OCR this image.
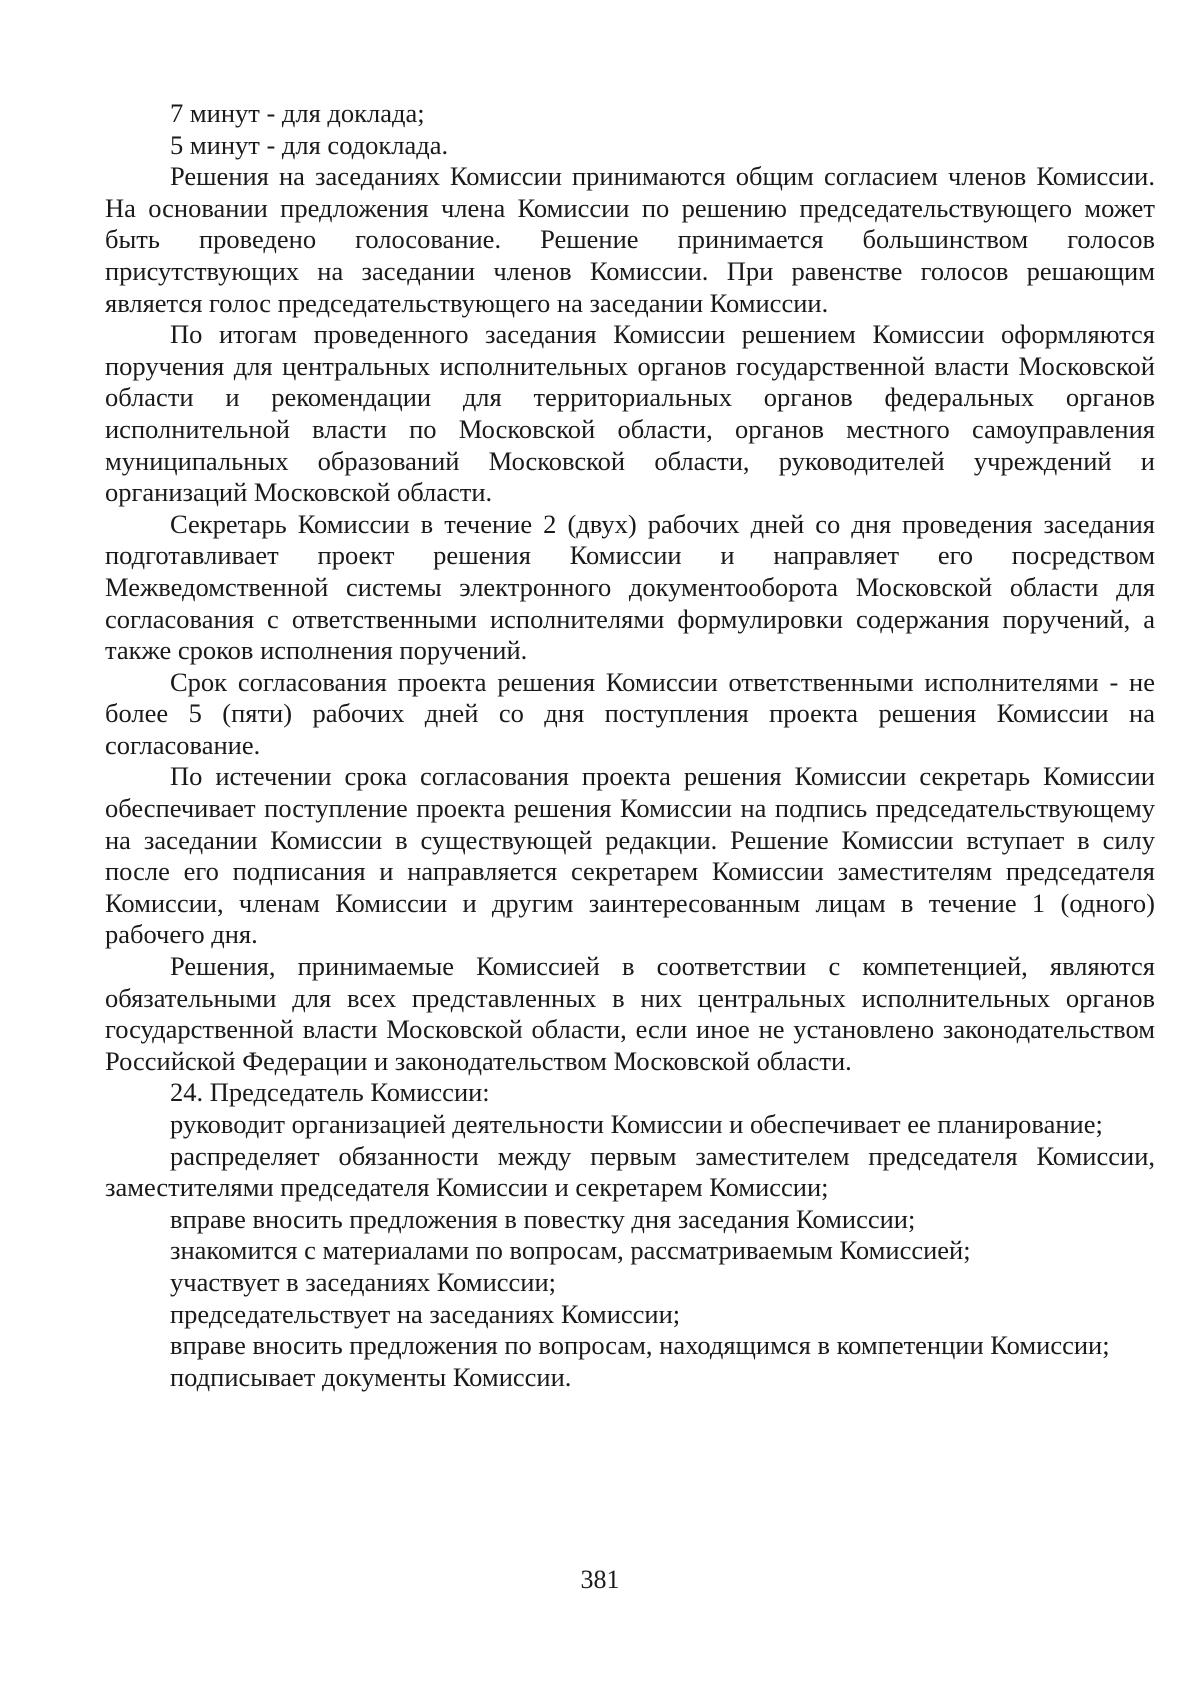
7 минут - для доклада;

5 минут - для содоклада.

Решения на заседаниях Комиссии принимаются общим согласием членов Комиссии. На основании предложения члена Комиссии по решению председательствующего может быть проведено голосование. Решение принимается большинством голосов присутствующих на заседании членов Комиссии. При равенстве голосов решающим является голос председательствующего на заседании Комиссии.

По итогам проведенного заседания Комиссии решением Комиссии оформляются поручения для центральных исполнительных органов государственной власти Московской области и рекомендации для территориальных органов федеральных органов исполнительной власти по Московской области, органов местного самоуправления муниципальных образований Московской области, руководителей учреждений и организаций Московской области.

Секретарь Комиссии в течение 2 (двух) рабочих дней со дня проведения заседания подготавливает проект решения Комиссии и направляет его посредством Межведомственной системы электронного документооборота Московской области для согласования с ответственными исполнителями формулировки содержания поручений, а также сроков исполнения поручений.

Срок согласования проекта решения Комиссии ответственными исполнителями - не более 5 (пяти) рабочих дней со дня поступления проекта решения Комиссии на согласование.

По истечении срока согласования проекта решения Комиссии секретарь Комиссии обеспечивает поступление проекта решения Комиссии на подпись председательствующему на заседании Комиссии в существующей редакции. Решение Комиссии вступает в силу после его подписания и направляется секретарем Комиссии заместителям председателя Комиссии, членам Комиссии и другим заинтересованным лицам в течение 1 (одного) рабочего дня.

Решения, принимаемые Комиссией в соответствии с компетенцией, являются обязательными для всех представленных в них центральных исполнительных органов государственной власти Московской области, если иное не установлено законодательством Российской Федерации и законодательством Московской области.

24. Председатель Комиссии:

руководит организацией деятельности Комиссии и обеспечивает ее планирование;

распределяет обязанности между первым заместителем председателя Комиссии, заместителями председателя Комиссии и секретарем Комиссии;

вправе вносить предложения в повестку дня заседания Комиссии;

знакомится с материалами по вопросам, рассматриваемым Комиссией;

участвует в заседаниях Комиссии;

председательствует на заседаниях Комиссии;

вправе вносить предложения по вопросам, находящимся в компетенции Комиссии;

подписывает документы Комиссии.

381
